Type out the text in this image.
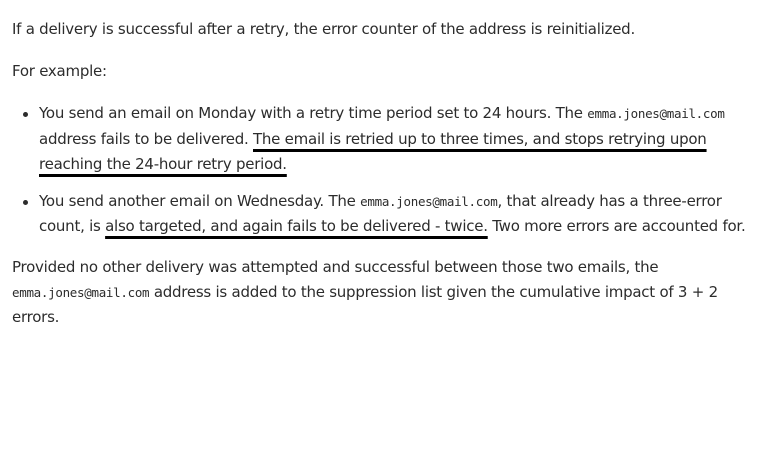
If a delivery is successful after a retry, the error counter of the address is reinitialized.

For example:

You send an email on Monday with a retry time period set to 24 hours. The emma.jones@mail.com address fails to be delivered. The email is retried up to three times, and stops retrying upon reaching the 24-hour retry period.
You send another email on Wednesday. The emma.jones@mail.com, that already has a three-error count, is also targeted, and again fails to be delivered - twice. Two more errors are accounted for.

Provided no other delivery was attempted and successful between those two emails, the emma.jones@mail.com address is added to the suppression list given the cumulative impact of 3 + 2 errors.
